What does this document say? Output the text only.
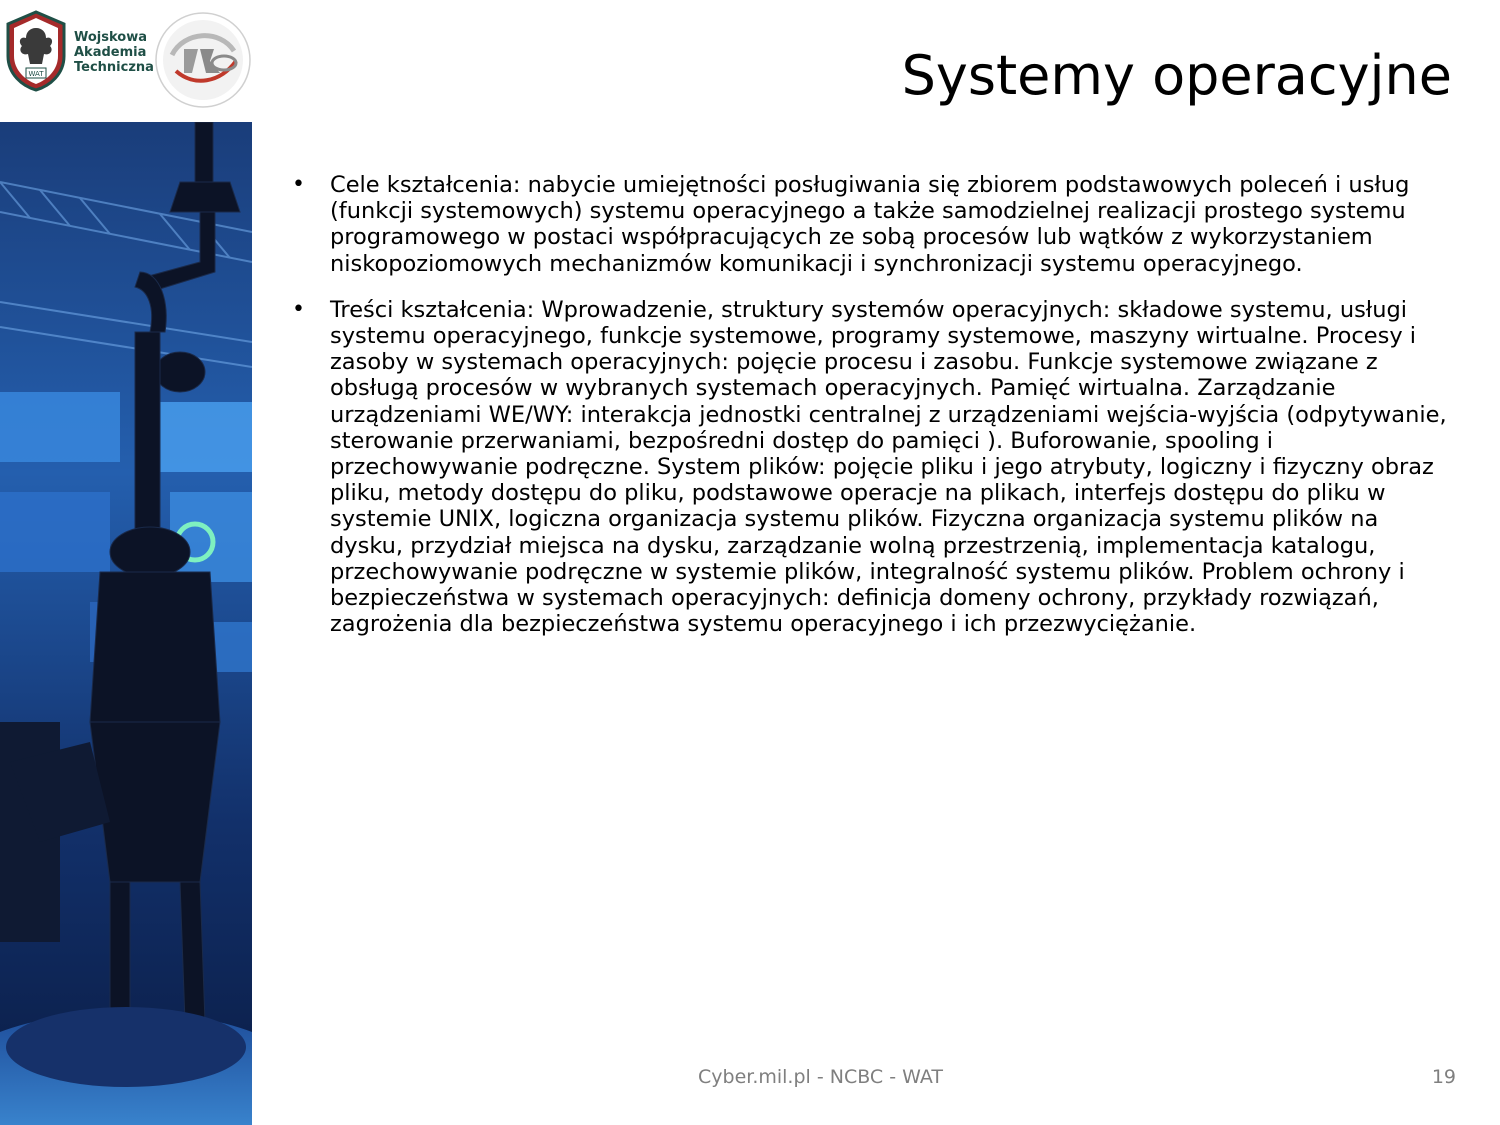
WAT
Wojskowa
Akademia
Techniczna	Systemy operacyjne
• Cele kształcenia: nabycie umiejętności posługiwania się zbiorem podstawowych poleceń i usług (funkcji systemowych) systemu operacyjnego a także samodzielnej realizacji prostego systemu programowego w postaci współpracujących ze sobą procesów lub wątków z wykorzystaniem niskopoziomowych mechanizmów komunikacji i synchronizacji systemu operacyjnego.
• Treści kształcenia: Wprowadzenie, struktury systemów operacyjnych: składowe systemu, usługi systemu operacyjnego, funkcje systemowe, programy systemowe, maszyny wirtualne. Procesy i zasoby w systemach operacyjnych: pojęcie procesu i zasobu. Funkcje systemowe związane z obsługą procesów w wybranych systemach operacyjnych. Pamięć wirtualna. Zarządzanie urządzeniami WE/WY: interakcja jednostki centralnej z urządzeniami wejścia-wyjścia (odpytywanie, sterowanie przerwaniami, bezpośredni dostęp do pamięci ). Buforowanie, spooling i przechowywanie podręczne. System plików: pojęcie pliku i jego atrybuty, logiczny i fizyczny obraz pliku, metody dostępu do pliku, podstawowe operacje na plikach, interfejs dostępu do pliku w systemie UNIX, logiczna organizacja systemu plików. Fizyczna organizacja systemu plików na dysku, przydział miejsca na dysku, zarządzanie wolną przestrzenią, implementacja katalogu, przechowywanie podręczne w systemie plików, integralność systemu plików. Problem ochrony i bezpieczeństwa w systemach operacyjnych: definicja domeny ochrony, przykłady rozwiązań, zagrożenia dla bezpieczeństwa systemu operacyjnego i ich przezwyciężanie.
Cyber.mil.pl - NCBC - WAT	19
